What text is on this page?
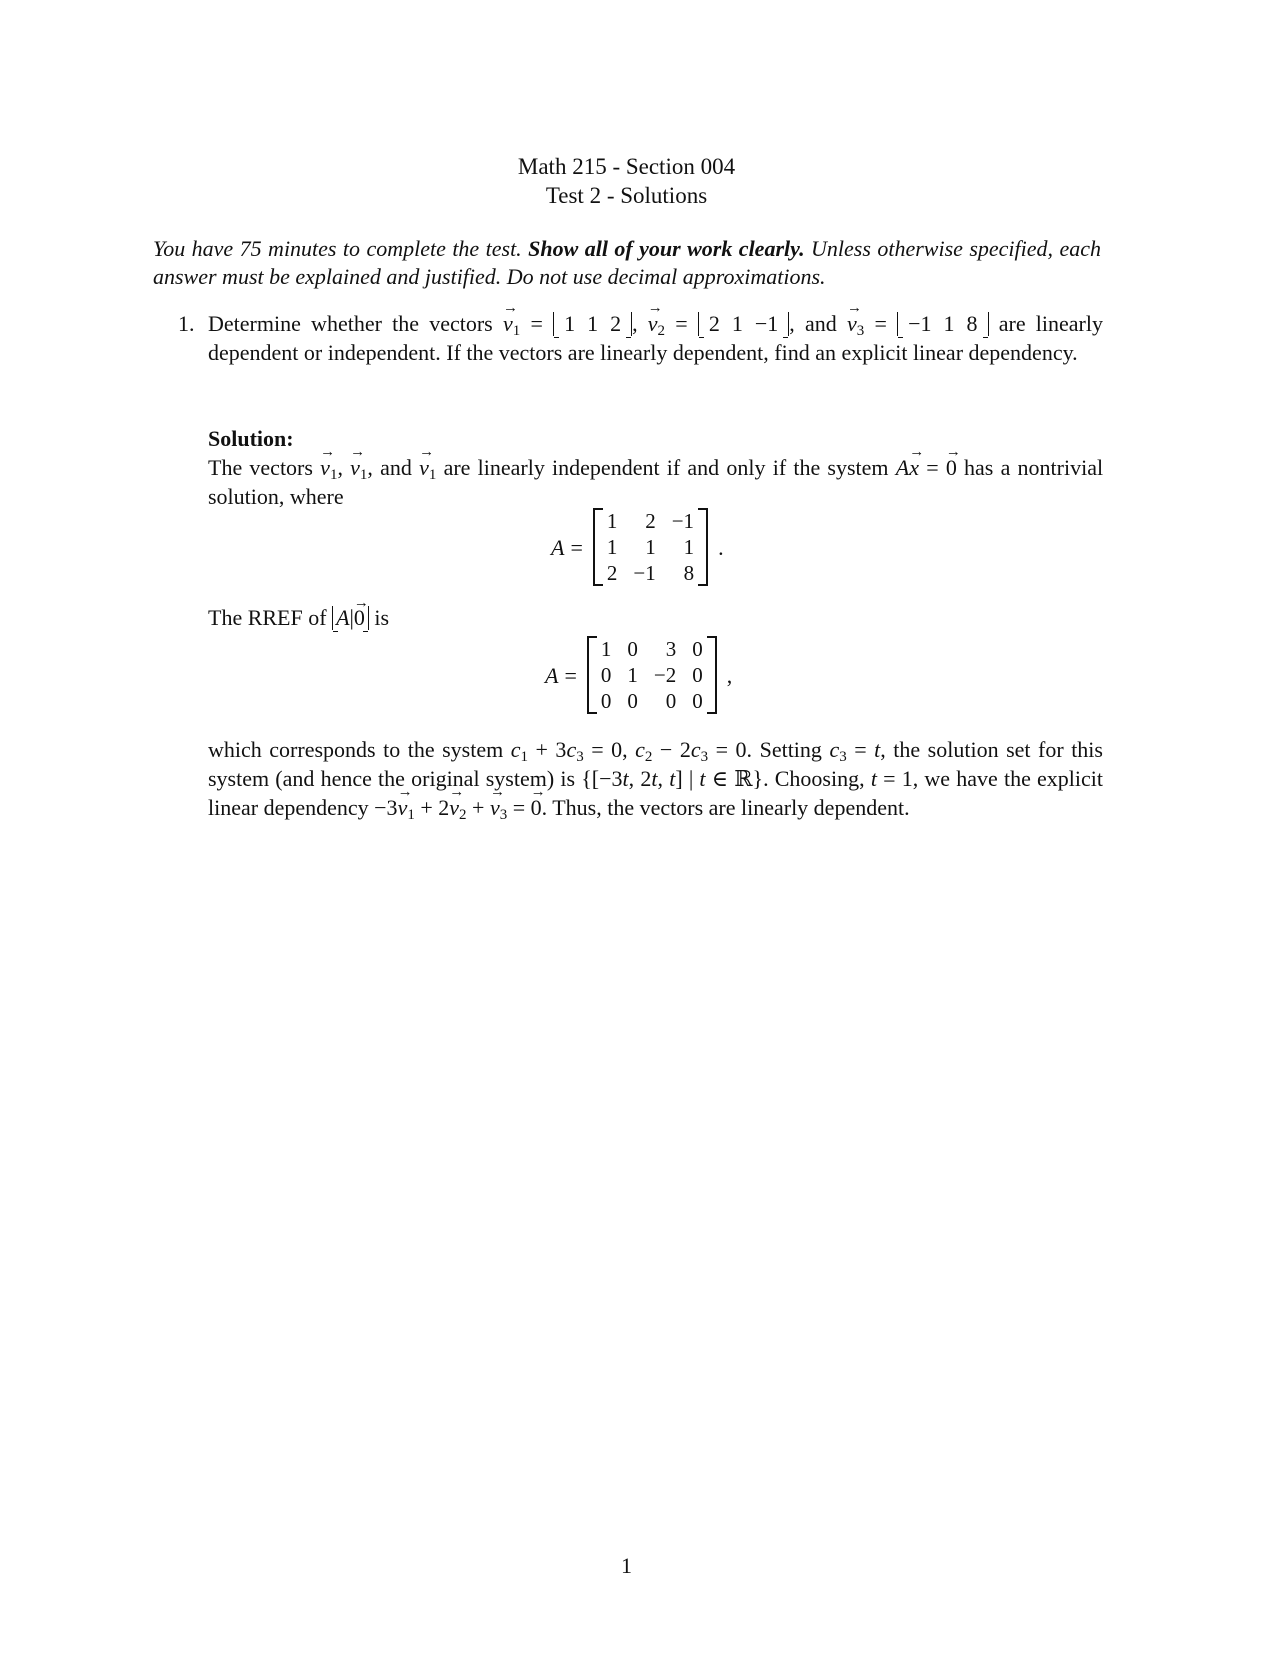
Math 215 - Section 004
Test 2 - Solutions
You have 75 minutes to complete the test. Show all of your work clearly. Unless otherwise specified, each answer must be explained and justified. Do not use decimal approximations.
1. Determine whether the vectors → $v_1 = 1$ 1 2 , → $v_2 = 2$ 1 −1 , and → $v_3 = -1$ 1 8 are linearly dependent or independent. If the vectors are linearly dependent, find an explicit linear dependency.
Solution:
The vectors → $v_1$, → $v_1$, and → $v_1$ are linearly independent if and only if the system A→ x = → 0 has a nontrivial solution, where
A =
1	2	−1
1	1	1
2	−1	8
.
The RREF of A|→ 0 is
A =
1	0	3	0
0	1	−2	0
0	0	0	0
,
which corresponds to the system $c_1 + 3c_3 = 0$, $c_2 - 2c_3 = 0$. Setting $c_3 = t$, the solution set for this system (and hence the original system) is {[−3t, 2t, t] | t ∈ ℝ}. Choosing, t = 1, we have the explicit linear dependency $-3\to v_1 + 2\to v_2$ + → $v_3$ = → 0. Thus, the vectors are linearly dependent.
1
